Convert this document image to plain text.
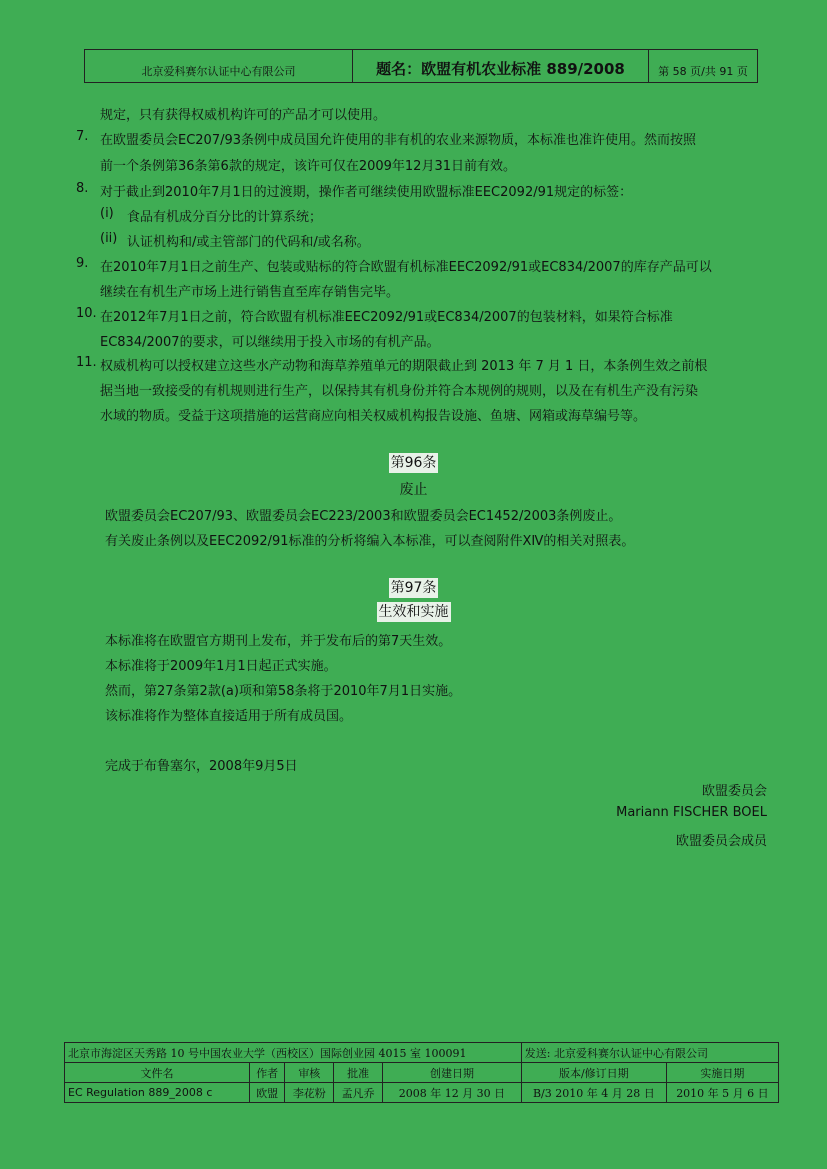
北京爱科赛尔认证中心有限公司	题名：欧盟有机农业标准 889/2008	第 58 页/共 91 页
规定，只有获得权威机构许可的产品才可以使用。
7. 在欧盟委员会EC207/93条例中成员国允许使用的非有机的农业来源物质，本标准也准许使用。然而按照
前一个条例第36条第6款的规定，该许可仅在2009年12月31日前有效。
8. 对于截止到2010年7月1日的过渡期，操作者可继续使用欧盟标准EEC2092/91规定的标签：
(i) 食品有机成分百分比的计算系统；
(ii) 认证机构和/或主管部门的代码和/或名称。
9. 在2010年7月1日之前生产、包装或贴标的符合欧盟有机标准EEC2092/91或EC834/2007的库存产品可以
继续在有机生产市场上进行销售直至库存销售完毕。
10. 在2012年7月1日之前，符合欧盟有机标准EEC2092/91或EC834/2007的包装材料，如果符合标准
EC834/2007的要求，可以继续用于投入市场的有机产品。
11. 权威机构可以授权建立这些水产动物和海草养殖单元的期限截止到 2013 年 7 月 1 日，本条例生效之前根
据当地一致接受的有机规则进行生产，以保持其有机身份并符合本规例的规则，以及在有机生产没有污染
水域的物质。受益于这项措施的运营商应向相关权威机构报告设施、鱼塘、网箱或海草编号等。
第96条
废止
欧盟委员会EC207/93、欧盟委员会EC223/2003和欧盟委员会EC1452/2003条例废止。
有关废止条例以及EEC2092/91标准的分析将编入本标准，可以查阅附件ⅩⅣ的相关对照表。
第97条
生效和实施
本标准将在欧盟官方期刊上发布，并于发布后的第7天生效。
本标准将于2009年1月1日起正式实施。
然而，第27条第2款(a)项和第58条将于2010年7月1日实施。
该标准将作为整体直接适用于所有成员国。
完成于布鲁塞尔，2008年9月5日
欧盟委员会
Mariann FISCHER BOEL
欧盟委员会成员
北京市海淀区天秀路 10 号中国农业大学（西校区）国际创业园 4015 室 100091					发送: 北京爱科赛尔认证中心有限公司	
文件名	作者	审核	批准	创建日期	版本/修订日期	实施日期
EC Regulation 889_2008 c	欧盟	李花粉	孟凡乔	2008 年 12 月 30 日	B/3 2010 年 4 月 28 日	2010 年 5 月 6 日
